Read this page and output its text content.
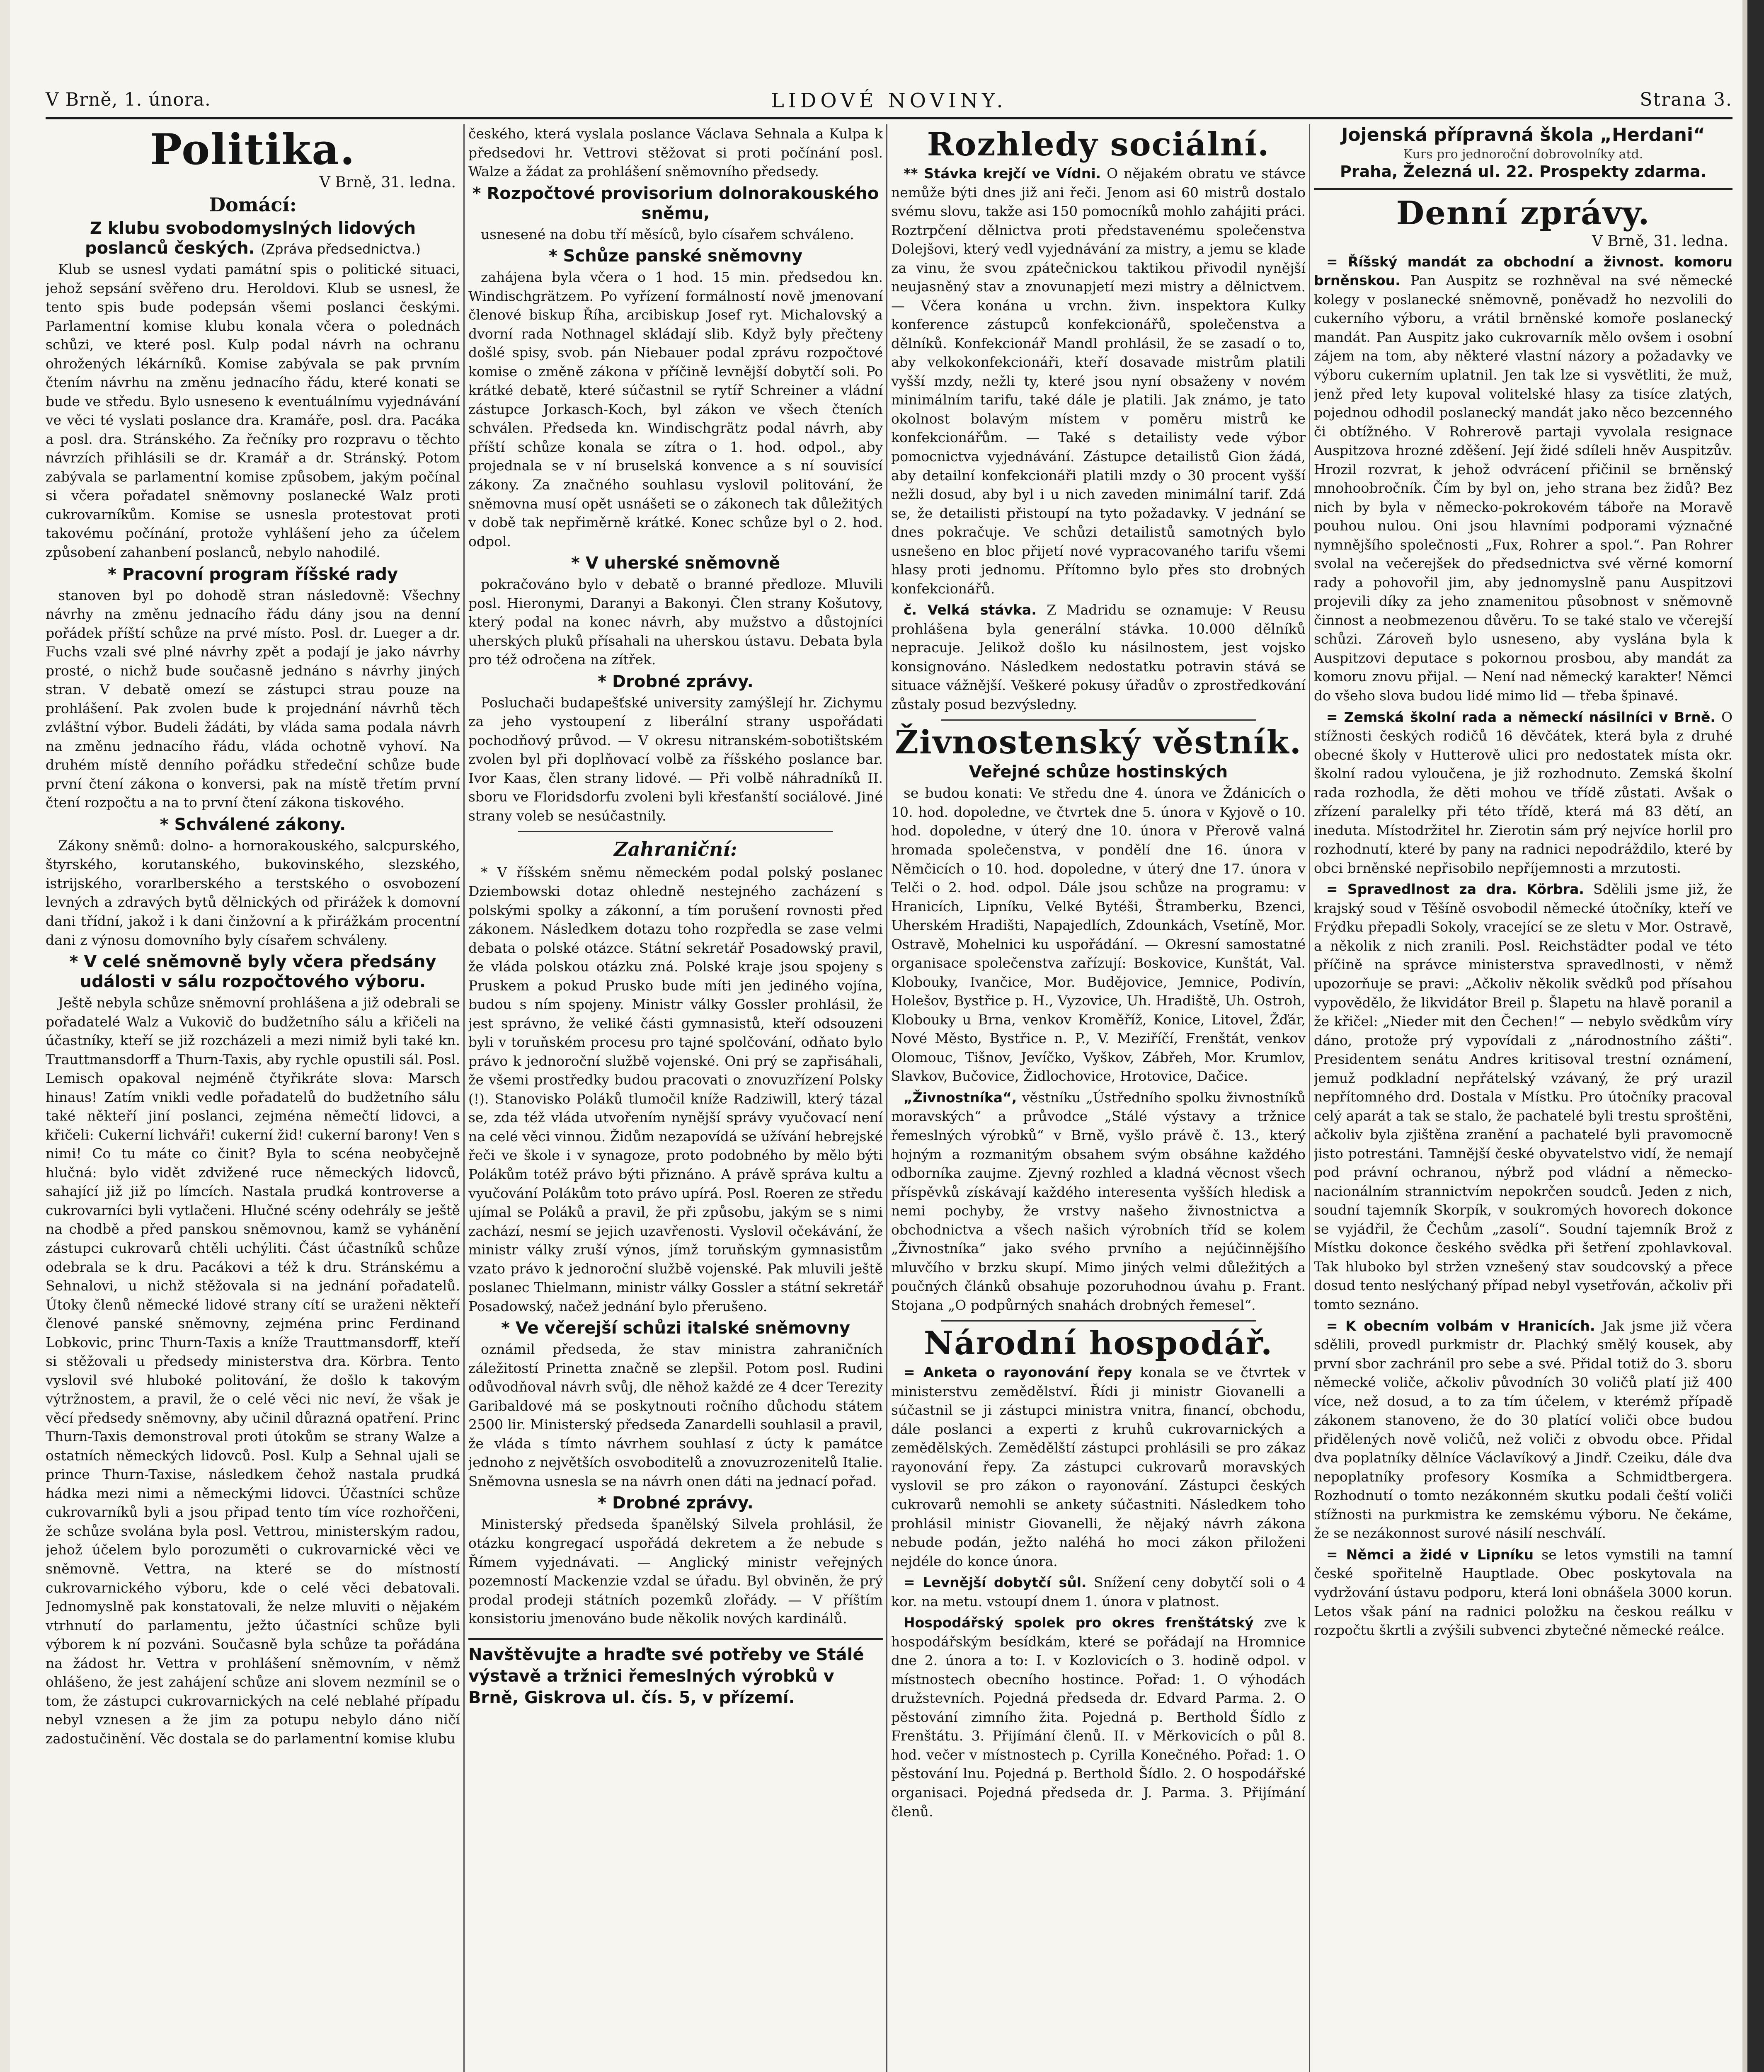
V Brně, 1. února.	LIDOVÉ NOVINY.	Strana 3.
Politika.
V Brně, 31. ledna.
Domácí:
Z klubu svobodomyslných lidových poslanců českých. (Zpráva předsednictva.)

Klub se usnesl vydati památní spis o politické situaci, jehož sepsání svěřeno dru. Heroldovi. Klub se usnesl, že tento spis bude podepsán všemi poslanci českými. Parlamentní komise klubu konala včera o polednách schůzi, ve které posl. Kulp podal návrh na ochranu ohrožených lékárníků. Komise zabývala se pak prvním čtením návrhu na změnu jednacího řádu, které konati se bude ve středu. Bylo usneseno k eventuálnímu vyjednávání ve věci té vyslati poslance dra. Kramáře, posl. dra. Pacáka a posl. dra. Stránského. Za řečníky pro rozpravu o těchto návrzích přihlásili se dr. Kramář a dr. Stránský. Potom zabývala se parlamentní komise způsobem, jakým počínal si včera pořadatel sněmovny poslanecké Walz proti cukrovarníkům. Komise se usnesla protestovat proti takovému počínání, protože vyhlášení jeho za účelem způsobení zahanbení poslanců, nebylo nahodilé.

* Pracovní program říšské rady

stanoven byl po dohodě stran následovně: Všechny návrhy na změnu jednacího řádu dány jsou na denní pořádek příští schůze na prvé místo. Posl. dr. Lueger a dr. Fuchs vzali své plné návrhy zpět a podají je jako návrhy prosté, o nichž bude současně jednáno s návrhy jiných stran. V debatě omezí se zástupci strau pouze na prohlášení. Pak zvolen bude k projednání návrhů těch zvláštní výbor. Budeli žádáti, by vláda sama podala návrh na změnu jednacího řádu, vláda ochotně vyhoví. Na druhém místě denního pořádku středeční schůze bude první čtení zákona o konversi, pak na místě třetím první čtení rozpočtu a na to první čtení zákona tiskového.

* Schválené zákony.

Zákony sněmů: dolno- a hornorakouského, salcpurského, štyrského, korutanského, bukovinského, slezského, istrijského, vorarlberského a terstského o osvobození levných a zdravých bytů dělnických od přirážek k domovní dani třídní, jakož i k dani činžovní a k přirážkám procentní dani z výnosu domovního byly císařem schváleny.

* V celé sněmovně byly včera předsány události v sálu rozpočtového výboru.

Ještě nebyla schůze sněmovní prohlášena a již odebrali se pořadatelé Walz a Vukovič do budžetního sálu a křičeli na účastníky, kteří se již rozcházeli a mezi nimiž byli také kn. Trauttmansdorff a Thurn-Taxis, aby rychle opustili sál. Posl. Lemisch opakoval nejméně čtyřikráte slova: Marsch hinaus! Zatím vnikli vedle pořadatelů do budžetního sálu také někteří jiní poslanci, zejména němečtí lidovci, a křičeli: Cukerní lichváři! cukerní žid! cukerní barony! Ven s nimi! Co tu máte co činit? Byla to scéna neobyčejně hlučná: bylo vidět zdvižené ruce německých lidovců, sahající již již po límcích. Nastala prudká kontroverse a cukrovarníci byli vytlačeni. Hlučné scény odehrály se ještě na chodbě a před panskou sněmovnou, kamž se vyhánění zástupci cukrovarů chtěli uchýliti. Část účastníků schůze odebrala se k dru. Pacákovi a též k dru. Stránskému a Sehnalovi, u nichž stěžovala si na jednání pořadatelů. Útoky členů německé lidové strany cítí se uraženi někteří členové panské sněmovny, zejména princ Ferdinand Lobkovic, princ Thurn-Taxis a kníže Trauttmansdorff, kteří si stěžovali u předsedy ministerstva dra. Körbra. Tento vyslovil své hluboké politování, že došlo k takovým výtržnostem, a pravil, že o celé věci nic neví, že však je věcí předsedy sněmovny, aby učinil důrazná opatření. Princ Thurn-Taxis demonstroval proti útokům se strany Walze a ostatních německých lidovců. Posl. Kulp a Sehnal ujali se prince Thurn-Taxise, následkem čehož nastala prudká hádka mezi nimi a německými lidovci. Účastníci schůze cukrovarníků byli a jsou připad tento tím více rozhořčeni, že schůze svolána byla posl. Vettrou, ministerským radou, jehož účelem bylo porozuměti o cukrovarnické věci ve sněmovně. Vettra, na které se do místností cukrovarnického výboru, kde o celé věci debatovali. Jednomyslně pak konstatovali, že nelze mluviti o nějakém vtrhnutí do parlamentu, ježto účastníci schůze byli výborem k ní pozváni. Současně byla schůze ta pořádána na žádost hr. Vettra v prohlášení sněmovním, v němž ohlášeno, že jest zahájení schůze ani slovem nezmínil se o tom, že zástupci cukrovarnických na celé neblahé případu nebyl vznesen a že jim za potupu nebylo dáno ničí zadostučinění. Věc dostala se do parlamentní komise klubu

českého, která vyslala poslance Václava Sehnala a Kulpa k předsedovi hr. Vettrovi stěžovat si proti počínání posl. Walze a žádat za prohlášení sněmovního předsedy.

* Rozpočtové provisorium dolnorakouského sněmu,

usnesené na dobu tří měsíců, bylo císařem schváleno.

* Schůze panské sněmovny

zahájena byla včera o 1 hod. 15 min. předsedou kn. Windischgrätzem. Po vyřízení formálností nově jmenovaní členové biskup Říha, arcibiskup Josef ryt. Michalovský a dvorní rada Nothnagel skládají slib. Když byly přečteny došlé spisy, svob. pán Niebauer podal zprávu rozpočtové komise o změně zákona v příčině levnější dobytčí soli. Po krátké debatě, které súčastnil se rytíř Schreiner a vládní zástupce Jorkasch-Koch, byl zákon ve všech čteních schválen. Předseda kn. Windischgrätz podal návrh, aby příští schůze konala se zítra o 1. hod. odpol., aby projednala se v ní bruselská konvence a s ní souvisící zákony. Za značného souhlasu vyslovil politování, že sněmovna musí opět usnášeti se o zákonech tak důležitých v době tak nepřiměrně krátké. Konec schůze byl o 2. hod. odpol.

* V uherské sněmovně

pokračováno bylo v debatě o branné předloze. Mluvili posl. Hieronymi, Daranyi a Bakonyi. Člen strany Košutovy, který podal na konec návrh, aby mužstvo a důstojníci uherských pluků přísahali na uherskou ústavu. Debata byla pro též odročena na zítřek.

* Drobné zprávy.

Posluchači budapešťské university zamýšlejí hr. Zichymu za jeho vystoupení z liberální strany uspořádati pochodňový průvod. — V okresu nitranském-sobotištském zvolen byl při doplňovací volbě za říšského poslance bar. Ivor Kaas, člen strany lidové. — Při volbě náhradníků II. sboru ve Floridsdorfu zvoleni byli křesťanští sociálové. Jiné strany voleb se nesúčastnily.

Zahraniční:

* V říšském sněmu německém podal polský poslanec Dziembowski dotaz ohledně nestejného zacházení s polskými spolky a zákonní, a tím porušení rovnosti před zákonem. Následkem dotazu toho rozpředla se zase velmi debata o polské otázce. Státní sekretář Posadowský pravil, že vláda polskou otázku zná. Polské kraje jsou spojeny s Pruskem a pokud Prusko bude míti jen jediného vojína, budou s ním spojeny. Ministr války Gossler prohlásil, že jest správno, že veliké části gymnasistů, kteří odsouzeni byli v toruňském procesu pro tajné spolčování, odňato bylo právo k jednoroční službě vojenské. Oni prý se zapřisáhali, že všemi prostředky budou pracovati o znovuzřízení Polsky (!). Stanovisko Poláků tlumočil kníže Radziwill, který tázal se, zda též vláda utvořením nynější správy vyučovací není na celé věci vinnou. Židům nezapovídá se užívání hebrejské řeči ve škole i v synagoze, proto podobného by mělo býti Polákům totéž právo býti přiznáno. A právě správa kultu a vyučování Polákům toto právo upírá. Posl. Roeren ze středu ujímal se Poláků a pravil, že při způsobu, jakým se s nimi zachází, nesmí se jejich uzavřenosti. Vyslovil očekávání, že ministr války zruší výnos, jímž toruňským gymnasistům vzato právo k jednoroční službě vojenské. Pak mluvili ještě poslanec Thielmann, ministr války Gossler a státní sekretář Posadowský, načež jednání bylo přerušeno.

* Ve včerejší schůzi italské sněmovny

oznámil předseda, že stav ministra zahraničních záležitostí Prinetta značně se zlepšil. Potom posl. Rudini odůvodňoval návrh svůj, dle něhož každé ze 4 dcer Terezity Garibaldové má se poskytnouti ročního důchodu státem 2500 lir. Ministerský předseda Zanardelli souhlasil a pravil, že vláda s tímto návrhem souhlasí z úcty k památce jednoho z největších osvoboditelů a znovuzrozenitelů Italie. Sněmovna usnesla se na návrh onen dáti na jednací pořad.

* Drobné zprávy.

Ministerský předseda španělský Silvela prohlásil, že otázku kongregací uspořádá dekretem a že nebude s Římem vyjednávati. — Anglický ministr veřejných pozemností Mackenzie vzdal se úřadu. Byl obviněn, že prý prodal prodeji státních pozemků zlořády. — V příštím konsistoriu jmenováno bude několik nových kardinálů.

Navštěvujte a hraďte své potřeby ve Stálé výstavě a tržnici řemeslných výrobků v Brně, Giskrova ul. čís. 5, v přízemí.
Rozhledy sociální.

** Stávka krejčí ve Vídni. O nějakém obratu ve stávce nemůže býti dnes již ani řeči. Jenom asi 60 mistrů dostalo svému slovu, takže asi 150 pomocníků mohlo zahájiti práci. Roztrpčení dělnictva proti představenému společenstva Dolejšovi, který vedl vyjednávání za mistry, a jemu se klade za vinu, že svou zpátečnickou taktikou přivodil nynější neujasněný stav a znovunapjetí mezi mistry a dělnictvem. — Včera konána u vrchn. živn. inspektora Kulky konference zástupců konfekcionářů, společenstva a dělníků. Konfekcionář Mandl prohlásil, že se zasadí o to, aby velkokonfekcionáři, kteří dosavade mistrům platili vyšší mzdy, nežli ty, které jsou nyní obsaženy v novém minimálním tarifu, také dále je platili. Jak známo, je tato okolnost bolavým místem v poměru mistrů ke konfekcionářům. — Také s detailisty vede výbor pomocnictva vyjednávání. Zástupce detailistů Gion žádá, aby detailní konfekcionáři platili mzdy o 30 procent vyšší nežli dosud, aby byl i u nich zaveden minimální tarif. Zdá se, že detailisti přistoupí na tyto požadavky. V jednání se dnes pokračuje. Ve schůzi detailistů samotných bylo usnešeno en bloc přijetí nové vypracovaného tarifu všemi hlasy proti jednomu. Přítomno bylo přes sto drobných konfekcionářů.

č. Velká stávka. Z Madridu se oznamuje: V Reusu prohlášena byla generální stávka. 10.000 dělníků nepracuje. Jelikož došlo ku násilnostem, jest vojsko konsignováno. Následkem nedostatku potravin stává se situace vážnější. Veškeré pokusy úřadův o zprostředkování zůstaly posud bezvýsledny.

Živnostenský věstník.
Veřejné schůze hostinských

se budou konati: Ve středu dne 4. února ve Ždánicích o 10. hod. dopoledne, ve čtvrtek dne 5. února v Kyjově o 10. hod. dopoledne, v úterý dne 10. února v Přerově valná hromada společenstva, v pondělí dne 16. února v Němčicích o 10. hod. dopoledne, v úterý dne 17. února v Telči o 2. hod. odpol. Dále jsou schůze na programu: v Hranicích, Lipníku, Velké Bytéši, Štramberku, Bzenci, Uherském Hradišti, Napajedlích, Zdounkách, Vsetíně, Mor. Ostravě, Mohelnici ku uspořádání. — Okresní samostatné organisace společenstva zařízují: Boskovice, Kunštát, Val. Klobouky, Ivančice, Mor. Budějovice, Jemnice, Podivín, Holešov, Bystřice p. H., Vyzovice, Uh. Hradiště, Uh. Ostroh, Klobouky u Brna, venkov Kroměříž, Konice, Litovel, Žďár, Nové Město, Bystřice n. P., V. Meziříčí, Frenštát, venkov Olomouc, Tišnov, Jevíčko, Vyškov, Zábřeh, Mor. Krumlov, Slavkov, Bučovice, Židlochovice, Hrotovice, Dačice.

„Živnostníka“, věstníku „Ústředního spolku živnostníků moravských“ a průvodce „Stálé výstavy a tržnice řemeslných výrobků“ v Brně, vyšlo právě č. 13., který hojným a rozmanitým obsahem svým obsáhne každého odborníka zaujme. Zjevný rozhled a kladná věcnost všech příspěvků získávají každého interesenta vyšších hledisk a nemi pochyby, že vrstvy našeho živnostnictva a obchodnictva a všech našich výrobních tříd se kolem „Živnostníka“ jako svého prvního a nejúčinnějšího mluvčího v brzku skupí. Mimo jiných velmi důležitých a poučných článků obsahuje pozoruhodnou úvahu p. Frant. Stojana „O podpůrných snahách drobných řemesel“.

Národní hospodář.

= Anketa o rayonování řepy konala se ve čtvrtek v ministerstvu zemědělství. Řídi ji ministr Giovanelli a súčastnil se ji zástupci ministra vnitra, financí, obchodu, dále poslanci a experti z kruhů cukrovarnických a zemědělských. Zemědělští zástupci prohlásili se pro zákaz rayonování řepy. Za zástupci cukrovarů moravských vyslovil se pro zákon o rayonování. Zástupci českých cukrovarů nemohli se ankety súčastniti. Následkem toho prohlásil ministr Giovanelli, že nějaký návrh zákona nebude podán, ježto naléhá ho moci zákon přiloženi nejdéle do konce února.

= Levnější dobytčí sůl. Snížení ceny dobytčí soli o 4 kor. na metu. vstoupí dnem 1. února v platnost.

Hospodářský spolek pro okres frenštátský zve k hospodářským besídkám, které se pořádají na Hromnice dne 2. února a to: I. v Kozlovicích o 3. hodině odpol. v místnostech obecního hostince. Pořad: 1. O výhodách družstevních. Pojedná předseda dr. Edvard Parma. 2. O pěstování zimního žita. Pojedná p. Berthold Šídlo z Frenštátu. 3. Přijímání členů. II. v Měrkovicích o půl 8. hod. večer v místnostech p. Cyrilla Konečného. Pořad: 1. O pěstování lnu. Pojedná p. Berthold Šídlo. 2. O hospodářské organisaci. Pojedná předseda dr. J. Parma. 3. Přijímání členů.

Jojenská přípravná škola „Herdani“
Kurs pro jednoroční dobrovolníky atd.
Praha, Železná ul. 22. Prospekty zdarma.
Denní zprávy.
V Brně, 31. ledna.

= Říšský mandát za obchodní a živnost. komoru brněnskou. Pan Auspitz se rozhněval na své německé kolegy v poslanecké sněmovně, poněvadž ho nezvolili do cukerního výboru, a vrátil brněnské komoře poslanecký mandát. Pan Auspitz jako cukrovarník mělo ovšem i osobní zájem na tom, aby některé vlastní názory a požadavky ve výboru cukerním uplatnil. Jen tak lze si vysvětliti, že muž, jenž před lety kupoval volitelské hlasy za tisíce zlatých, pojednou odhodil poslanecký mandát jako něco bezcenného či obtížného. V Rohrerově partaji vyvolala resignace Auspitzova hrozné zděšení. Její židé sdíleli hněv Auspitzův. Hrozil rozvrat, k jehož odvrácení přičinil se brněnský mnohoobročník. Čím by byl on, jeho strana bez židů? Bez nich by byla v německo-pokrokovém táboře na Moravě pouhou nulou. Oni jsou hlavními podporami význačné nymnějšího společnosti „Fux, Rohrer a spol.“. Pan Rohrer svolal na večerejšek do předsednictva své věrné komorní rady a pohovořil jim, aby jednomyslně panu Auspitzovi projevili díky za jeho znamenitou působnost v sněmovně činnost a neobmezenou důvěru. To se také stalo ve včerejší schůzi. Zároveň bylo usneseno, aby vyslána byla k Auspitzovi deputace s pokornou prosbou, aby mandát za komoru znovu přijal. — Není nad německý karakter! Němci do všeho slova budou lidé mimo lid — třeba špinavé.

= Zemská školní rada a německí násilníci v Brně. O stížnosti českých rodičů 16 děvčátek, která byla z druhé obecné školy v Hutterově ulici pro nedostatek místa okr. školní radou vyloučena, je již rozhodnuto. Zemská školní rada rozhodla, že děti mohou ve třídě zůstati. Avšak o zřízení paralelky při této třídě, která má 83 dětí, an ineduta. Místodržitel hr. Zierotin sám prý nejvíce horlil pro rozhodnutí, které by pany na radnici nepodráždilo, které by obci brněnské nepřisobilo nepříjemnosti a mrzutosti.

= Spravedlnost za dra. Körbra. Sdělili jsme již, že krajský soud v Těšíně osvobodil německé útočníky, kteří ve Frýdku přepadli Sokoly, vracející se ze sletu v Mor. Ostravě, a několik z nich zranili. Posl. Reichstädter podal ve této příčině na správce ministerstva spravedlnosti, v němž upozorňuje se pravi: „Ačkoliv několik svědků pod přísahou vypovědělo, že likvidátor Breil p. Šlapetu na hlavě poranil a že křičel: „Nieder mit den Čechen!“ — nebylo svědkům víry dáno, protože prý vypovídali z „národnostního zášti“. Presidentem senátu Andres kritisoval trestní oznámení, jemuž podkladní nepřátelský vzávaný, že prý urazil nepřítomného drd. Dostala v Místku. Pro útočníky pracoval celý aparát a tak se stalo, že pachatelé byli trestu sproštěni, ačkoliv byla zjištěna zranění a pachatelé byli pravomocně jisto potrestáni. Tamnější české obyvatelstvo vidí, že nemají pod právní ochranou, nýbrž pod vládní a německo-nacionálním strannictvím nepokrčen soudců. Jeden z nich, soudní tajemník Skorpík, v soukromých hovorech dokonce se vyjádřil, že Čechům „zasolí“. Soudní tajemník Brož z Místku dokonce českého svědka při šetření zpohlavkoval. Tak hluboko byl stržen vznešený stav soudcovský a přece dosud tento neslýchaný případ nebyl vysetřován, ačkoliv při tomto seznáno.

= K obecním volbám v Hranicích. Jak jsme již včera sdělili, provedl purkmistr dr. Plachký smělý kousek, aby první sbor zachránil pro sebe a své. Přidal totiž do 3. sboru německé voliče, ačkoliv původních 30 voličů platí již 400 více, než dosud, a to za tím účelem, v kterémž případě zákonem stanoveno, že do 30 platící voliči obce budou přidělených nově voličů, než voliči z obvodu obce. Přidal dva poplatníky dělníce Václavíkový a Jindř. Czeiku, dále dva nepoplatníky profesory Kosmíka a Schmidtbergera. Rozhodnutí o tomto nezákonném skutku podali čeští voliči stížnosti na purkmistra ke zemskému výboru. Ne čekáme, že se nezákonnost surové násilí neschválí.

= Němci a židé v Lipníku se letos vymstili na tamní české spořitelně Hauptlade. Obec poskytovala na vydržování ústavu podporu, která loni obnášela 3000 korun. Letos však pání na radnici položku na českou reálku v rozpočtu škrtli a zvýšili subvenci zbytečné německé reálce.
